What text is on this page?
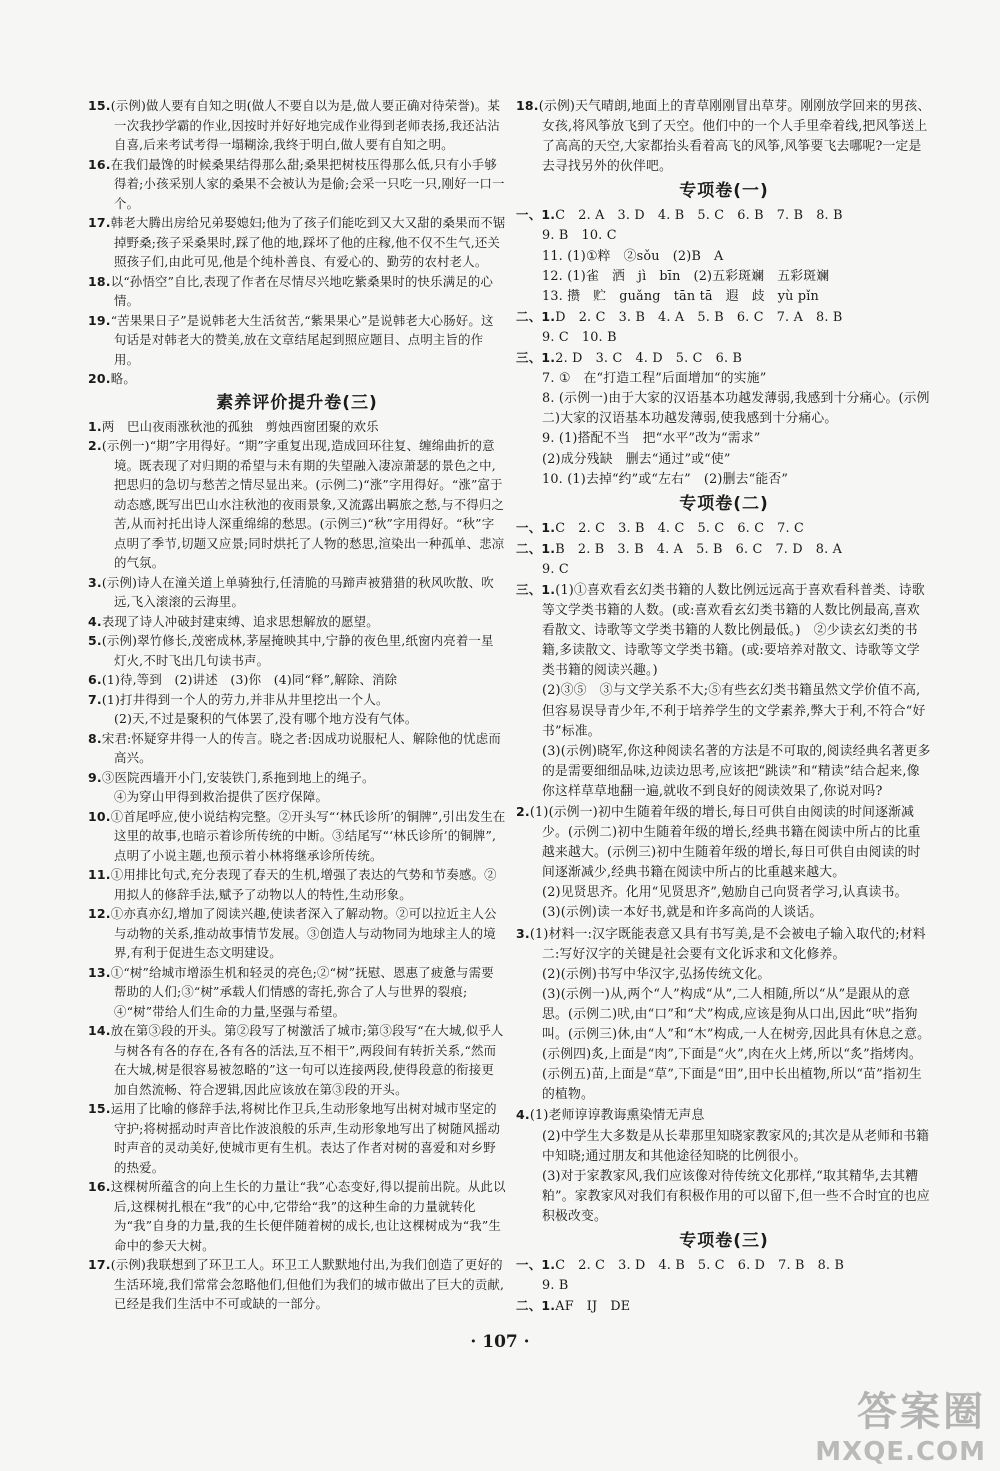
15.(示例)做人要有自知之明(做人不要自以为是,做人要正确对待荣誉)。某一次我抄学霸的作业,因按时并好好地完成作业得到老师表扬,我还沾沾自喜,后来考试考得一塌糊涂,我终于明白,做人要有自知之明。

16.在我们最馋的时候桑果结得那么甜;桑果把树枝压得那么低,只有小手够得着;小孩采别人家的桑果不会被认为是偷;会采一只吃一只,刚好一口一个。

17.韩老大腾出房给兄弟娶媳妇;他为了孩子们能吃到又大又甜的桑果而不锯掉野桑;孩子采桑果时,踩了他的地,踩坏了他的庄稼,他不仅不生气,还关照孩子们,由此可见,他是个纯朴善良、有爱心的、勤劳的农村老人。

18.以“孙悟空”自比,表现了作者在尽情尽兴地吃紫桑果时的快乐满足的心情。

19.“苦果果日子”是说韩老大生活贫苦,“紫果果心”是说韩老大心肠好。这句话是对韩老大的赞美,放在文章结尾起到照应题目、点明主旨的作用。

20.略。

素养评价提升卷(三)

1.两　巴山夜雨涨秋池的孤独　剪烛西窗团聚的欢乐

2.(示例一)“期”字用得好。“期”字重复出现,造成回环往复、缠绵曲折的意境。既表现了对归期的希望与未有期的失望融入凄凉萧瑟的景色之中,把思归的急切与愁苦之情尽显出来。(示例二)“涨”字用得好。“涨”富于动态感,既写出巴山水注秋池的夜雨景象,又流露出羁旅之愁,与不得归之苦,从而衬托出诗人深重绵绵的愁思。(示例三)“秋”字用得好。“秋”字点明了季节,切题又应景;同时烘托了人物的愁思,渲染出一种孤单、悲凉的气氛。

3.(示例)诗人在潼关道上单骑独行,任清脆的马蹄声被猎猎的秋风吹散、吹远,飞入滚滚的云海里。

4.表现了诗人冲破封建束缚、追求思想解放的愿望。

5.(示例)翠竹修长,茂密成林,茅屋掩映其中,宁静的夜色里,纸窗内亮着一星灯火,不时飞出几句读书声。

6.(1)待,等到　(2)讲述　(3)你　(4)同“释”,解除、消除

7.(1)打井得到一个人的劳力,并非从井里挖出一个人。
(2)天,不过是聚积的气体罢了,没有哪个地方没有气体。

8.宋君:怀疑穿井得一人的传言。晓之者:因成功说服杞人、解除他的忧虑而高兴。

9.③医院西墙开小门,安装铁门,系拖到地上的绳子。
④为穿山甲得到救治提供了医疗保障。

10.①首尾呼应,使小说结构完整。②开头写“‘林氏诊所’的铜牌”,引出发生在这里的故事,也暗示着诊所传统的中断。③结尾写“‘林氏诊所’的铜牌”,点明了小说主题,也预示着小林将继承诊所传统。

11.①用排比句式,充分表现了春天的生机,增强了表达的气势和节奏感。②用拟人的修辞手法,赋予了动物以人的特性,生动形象。

12.①亦真亦幻,增加了阅读兴趣,使读者深入了解动物。②可以拉近主人公与动物的关系,推动故事情节发展。③创造人与动物同为地球主人的境界,有利于促进生态文明建设。

13.①“树”给城市增添生机和轻灵的亮色;②“树”抚慰、恩惠了疲惫与需要帮助的人们;③“树”承载人们情感的寄托,弥合了人与世界的裂痕;④“树”带给人们生命的力量,坚强与希望。

14.放在第③段的开头。第②段写了树激活了城市;第③段写“在大城,似乎人与树各有各的存在,各有各的活法,互不相干”,两段间有转折关系,“然而在大城,树是很容易被忽略的”这一句可以连接两段,使得段意的衔接更加自然流畅、符合逻辑,因此应该放在第③段的开头。

15.运用了比喻的修辞手法,将树比作卫兵,生动形象地写出树对城市坚定的守护;将树摇动时声音比作波浪般的乐声,生动形象地写出了树随风摇动时声音的灵动美好,使城市更有生机。表达了作者对树的喜爱和对乡野的热爱。

16.这棵树所蕴含的向上生长的力量让“我”心态变好,得以提前出院。从此以后,这棵树扎根在“我”的心中,它带给“我”的这种生命的力量就转化为“我”自身的力量,我的生长便伴随着树的成长,也让这棵树成为“我”生命中的参天大树。

17.(示例)我联想到了环卫工人。环卫工人默默地付出,为我们创造了更好的生活环境,我们常常会忽略他们,但他们为我们的城市做出了巨大的贡献,已经是我们生活中不可或缺的一部分。

18.(示例)天气晴朗,地面上的青草刚刚冒出草芽。刚刚放学回来的男孩、女孩,将风筝放飞到了天空。他们中的一个人手里牵着线,把风筝送上了高高的天空,大家都抬头看着高飞的风筝,风筝要飞去哪呢?一定是去寻找另外的伙伴吧。

专项卷(一)

一、1.C　2. A　3. D　4. B　5. C　6. B　7. B　8. B
9. B　10. C
11. (1)①粹　②sǒu　(2)B　A
12. (1)雀　洒　jì　bīn　(2)五彩斑斓　五彩斑斓
13. 攒　贮　guǎng　tān tā　遐　歧　yù pǐn

二、1.D　2. C　3. B　4. A　5. B　6. C　7. A　8. B
9. C　10. B

三、1.2. D　3. C　4. D　5. C　6. B
7. ①　在“打造工程”后面增加“的实施”
8. (示例一)由于大家的汉语基本功越发薄弱,我感到十分痛心。(示例二)大家的汉语基本功越发薄弱,使我感到十分痛心。
9. (1)搭配不当　把“水平”改为“需求”
(2)成分残缺　删去“通过”或“使”
10. (1)去掉“约”或“左右”　(2)删去“能否”

专项卷(二)

一、1.C　2. C　3. B　4. C　5. C　6. C　7. C

二、1.B　2. B　3. B　4. A　5. B　6. C　7. D　8. A
9. C

三、1.(1)①喜欢看玄幻类书籍的人数比例远远高于喜欢看科普类、诗歌等文学类书籍的人数。(或:喜欢看玄幻类书籍的人数比例最高,喜欢看散文、诗歌等文学类书籍的人数比例最低。)　②少读玄幻类的书籍,多读散文、诗歌等文学类书籍。(或:要培养对散文、诗歌等文学类书籍的阅读兴趣。)
(2)③⑤　③与文学关系不大;⑤有些玄幻类书籍虽然文学价值不高,但容易误导青少年,不利于培养学生的文学素养,弊大于利,不符合“好书”标准。
(3)(示例)晓军,你这种阅读名著的方法是不可取的,阅读经典名著更多的是需要细细品味,边读边思考,应该把“跳读”和“精读”结合起来,像你这样草草地翻一遍,就收不到良好的阅读效果了,你说对吗?

2.(1)(示例一)初中生随着年级的增长,每日可供自由阅读的时间逐渐减少。(示例二)初中生随着年级的增长,经典书籍在阅读中所占的比重越来越大。(示例三)初中生随着年级的增长,每日可供自由阅读的时间逐渐减少,经典书籍在阅读中所占的比重越来越大。
(2)见贤思齐。化用“见贤思齐”,勉励自己向贤者学习,认真读书。
(3)(示例)读一本好书,就是和许多高尚的人谈话。

3.(1)材料一:汉字既能表意又具有书写美,是不会被电子输入取代的;材料二:写好汉字的关键是社会要有文化诉求和文化修养。
(2)(示例)书写中华汉字,弘扬传统文化。
(3)(示例一)从,两个“人”构成“从”,二人相随,所以“从”是跟从的意思。(示例二)吠,由“口”和“犬”构成,应该是狗从口出,因此“吠”指狗叫。(示例三)休,由“人”和“木”构成,一人在树旁,因此具有休息之意。(示例四)炙,上面是“肉”,下面是“火”,肉在火上烤,所以“炙”指烤肉。(示例五)苗,上面是“草”,下面是“田”,田中长出植物,所以“苗”指初生的植物。

4.(1)老师谆谆教诲熏染情无声息
(2)中学生大多数是从长辈那里知晓家教家风的;其次是从老师和书籍中知晓;通过朋友和其他途径知晓的比例很小。
(3)对于家教家风,我们应该像对待传统文化那样,“取其精华,去其糟粕”。家教家风对我们有积极作用的可以留下,但一些不合时宜的也应积极改变。

专项卷(三)

一、1.C　2. C　3. D　4. B　5. C　6. D　7. B　8. B
9. B

二、1.AF　IJ　DE

· 107 ·
答案圈
MXQE.COM
